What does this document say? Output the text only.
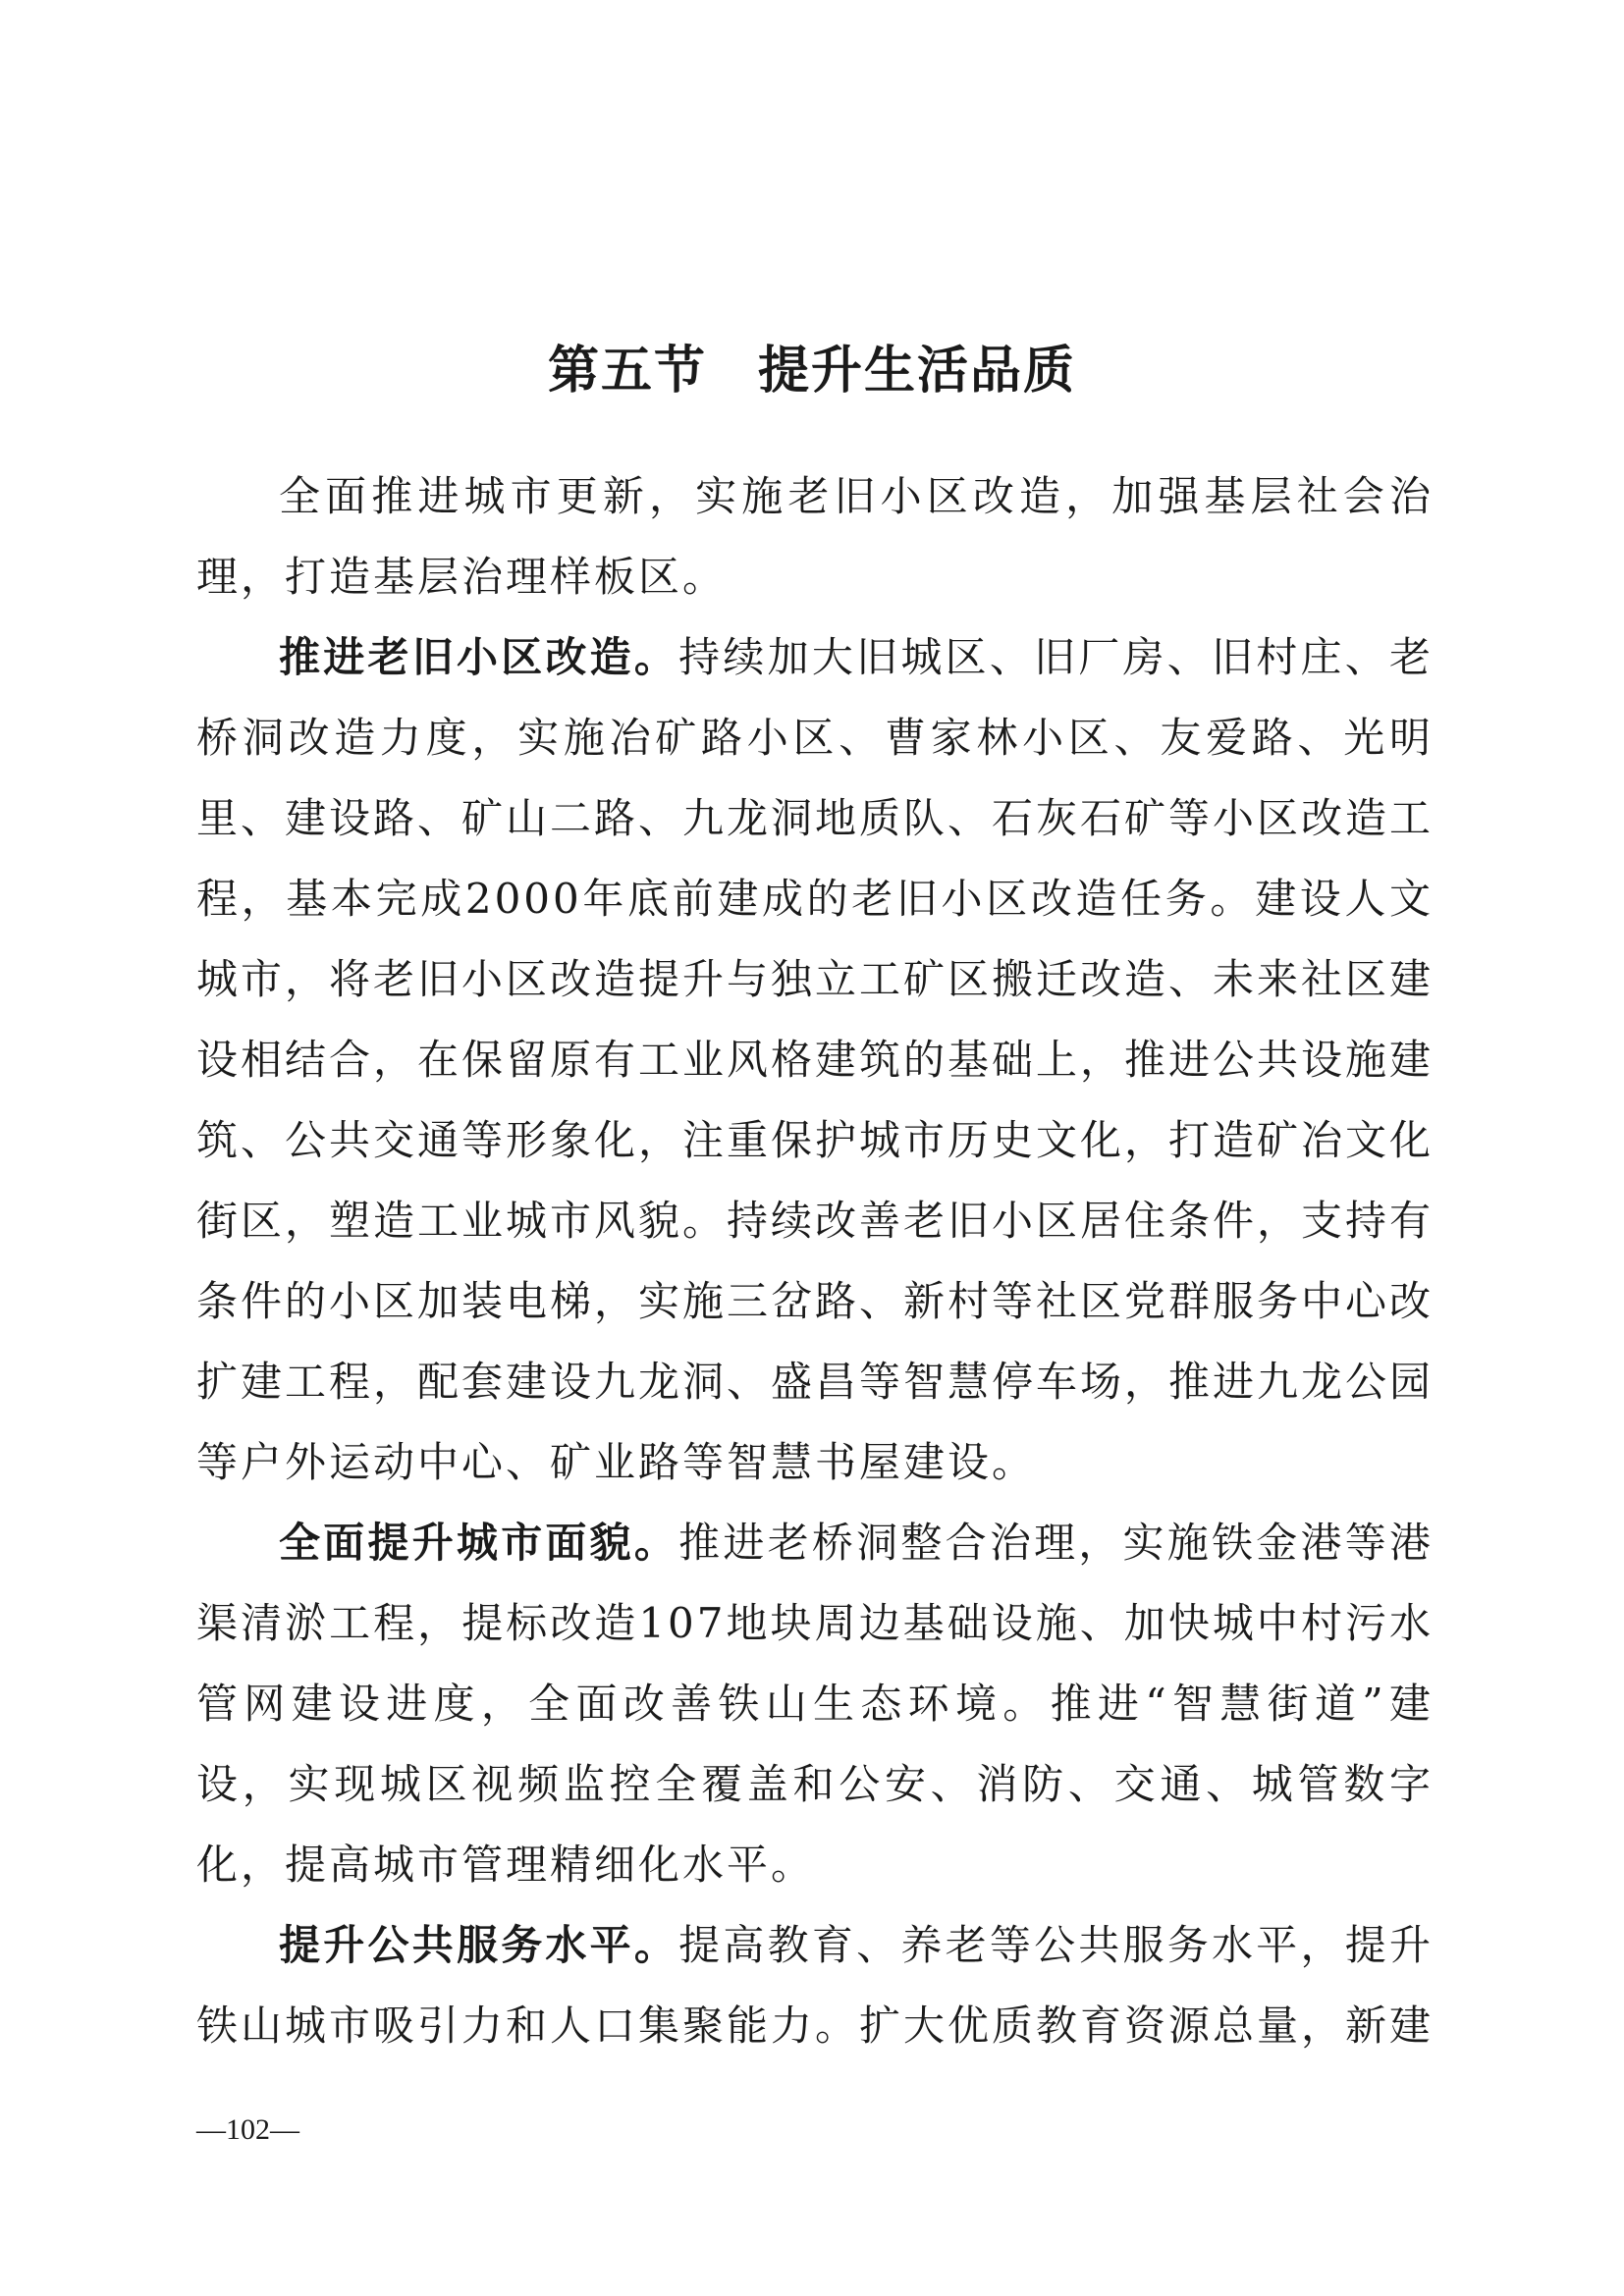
第五节 提升生活品质

全面推进城市更新，实施老旧小区改造，加强基层社会治理，打造基层治理样板区。

推进老旧小区改造。持续加大旧城区、旧厂房、旧村庄、老桥洞改造力度，实施冶矿路小区、曹家林小区、友爱路、光明里、建设路、矿山二路、九龙洞地质队、石灰石矿等小区改造工程，基本完成2000年底前建成的老旧小区改造任务。建设人文城市，将老旧小区改造提升与独立工矿区搬迁改造、未来社区建设相结合，在保留原有工业风格建筑的基础上，推进公共设施建筑、公共交通等形象化，注重保护城市历史文化，打造矿冶文化街区，塑造工业城市风貌。持续改善老旧小区居住条件，支持有条件的小区加装电梯，实施三岔路、新村等社区党群服务中心改扩建工程，配套建设九龙洞、盛昌等智慧停车场，推进九龙公园等户外运动中心、矿业路等智慧书屋建设。

全面提升城市面貌。推进老桥洞整合治理，实施铁金港等港渠清淤工程，提标改造107地块周边基础设施、加快城中村污水管网建设进度，全面改善铁山生态环境。推进“智慧街道”建设，实现城区视频监控全覆盖和公安、消防、交通、城管数字化，提高城市管理精细化水平。

提升公共服务水平。提高教育、养老等公共服务水平，提升铁山城市吸引力和人口集聚能力。扩大优质教育资源总量，新建

—102—
